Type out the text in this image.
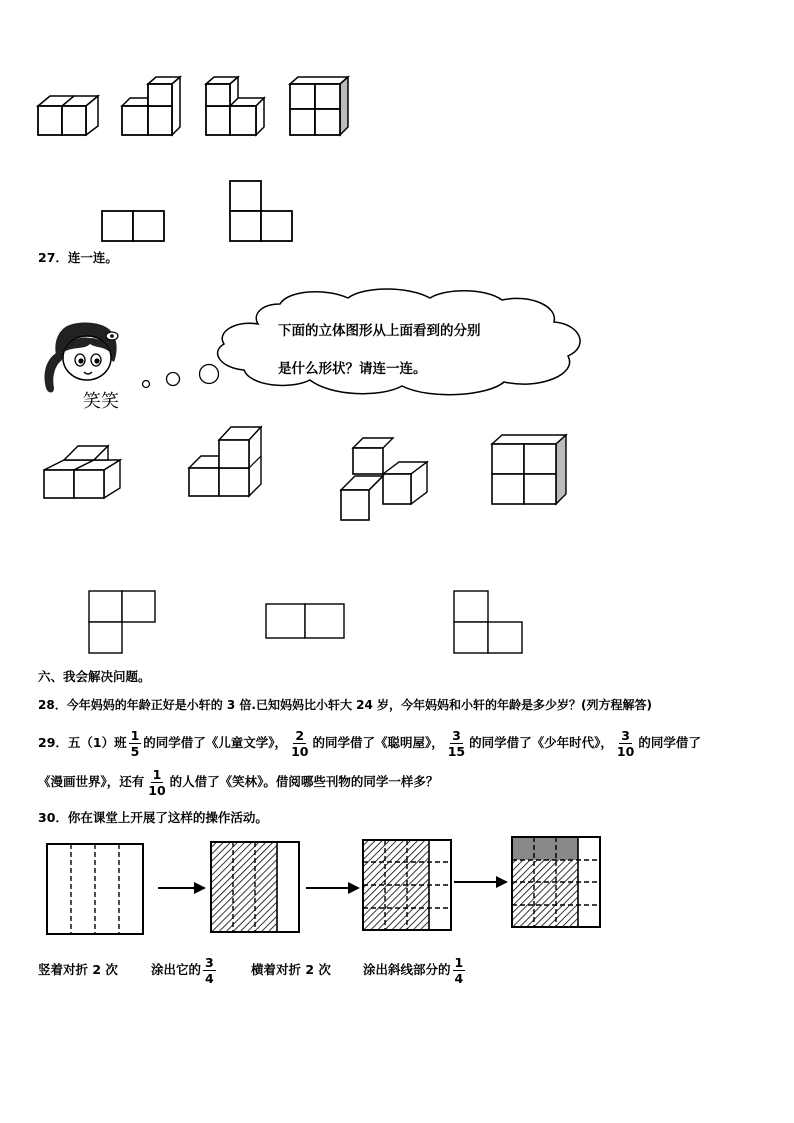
27．连一连。
笑笑
下面的立体图形从上面看到的分别
是什么形状？请连一连。
六、我会解决问题。
28．今年妈妈的年龄正好是小轩的 3 倍.已知妈妈比小轩大 24 岁，今年妈妈和小轩的年龄是多少岁？(列方程解答)
29．五（1）班 $\frac{1}{5}$ 的同学借了《儿童文学》， $\frac{2}{10}$ 的同学借了《聪明屋》， $\frac{3}{15}$ 的同学借了《少年时代》， $\frac{3}{10}$ 的同学借了
《漫画世界》，还有 $\frac{1}{10}$ 的人借了《笑林》。借阅哪些刊物的同学一样多？
30．你在课堂上开展了这样的操作活动。
竖着对折 2 次	涂出它的 $\frac{3}{4}$	横着对折 2 次	涂出斜线部分的 $\frac{1}{4}$
